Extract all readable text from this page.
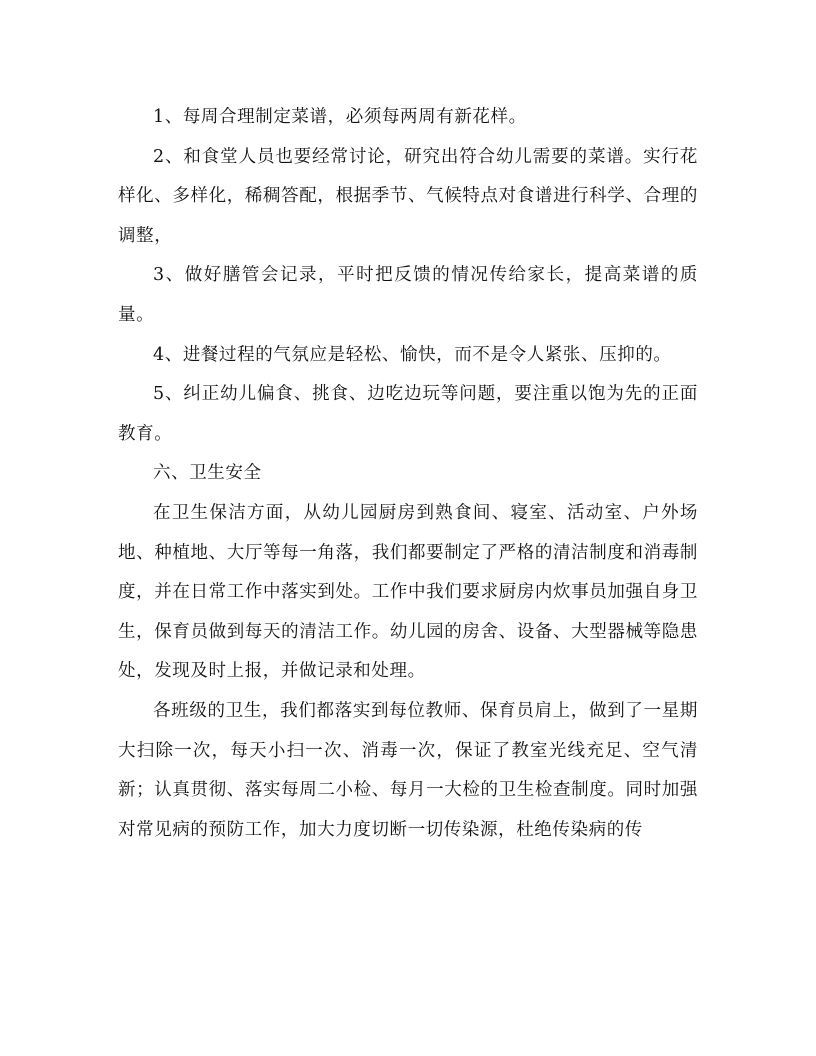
1、每周合理制定菜谱，必须每两周有新花样。

2、和食堂人员也要经常讨论，研究出符合幼儿需要的菜谱。实行花样化、多样化，稀稠答配，根据季节、气候特点对食谱进行科学、合理的调整，

3、做好膳管会记录，平时把反馈的情况传给家长，提高菜谱的质量。

4、进餐过程的气氛应是轻松、愉快，而不是令人紧张、压抑的。

5、纠正幼儿偏食、挑食、边吃边玩等问题，要注重以饱为先的正面教育。

六、卫生安全

在卫生保洁方面，从幼儿园厨房到熟食间、寝室、活动室、户外场地、种植地、大厅等每一角落，我们都要制定了严格的清洁制度和消毒制度，并在日常工作中落实到处。工作中我们要求厨房内炊事员加强自身卫生，保育员做到每天的清洁工作。幼儿园的房舍、设备、大型器械等隐患处，发现及时上报，并做记录和处理。

各班级的卫生，我们都落实到每位教师、保育员肩上，做到了一星期大扫除一次，每天小扫一次、消毒一次，保证了教室光线充足、空气清新；认真贯彻、落实每周二小检、每月一大检的卫生检查制度。同时加强对常见病的预防工作，加大力度切断一切传染源，杜绝传染病的传
